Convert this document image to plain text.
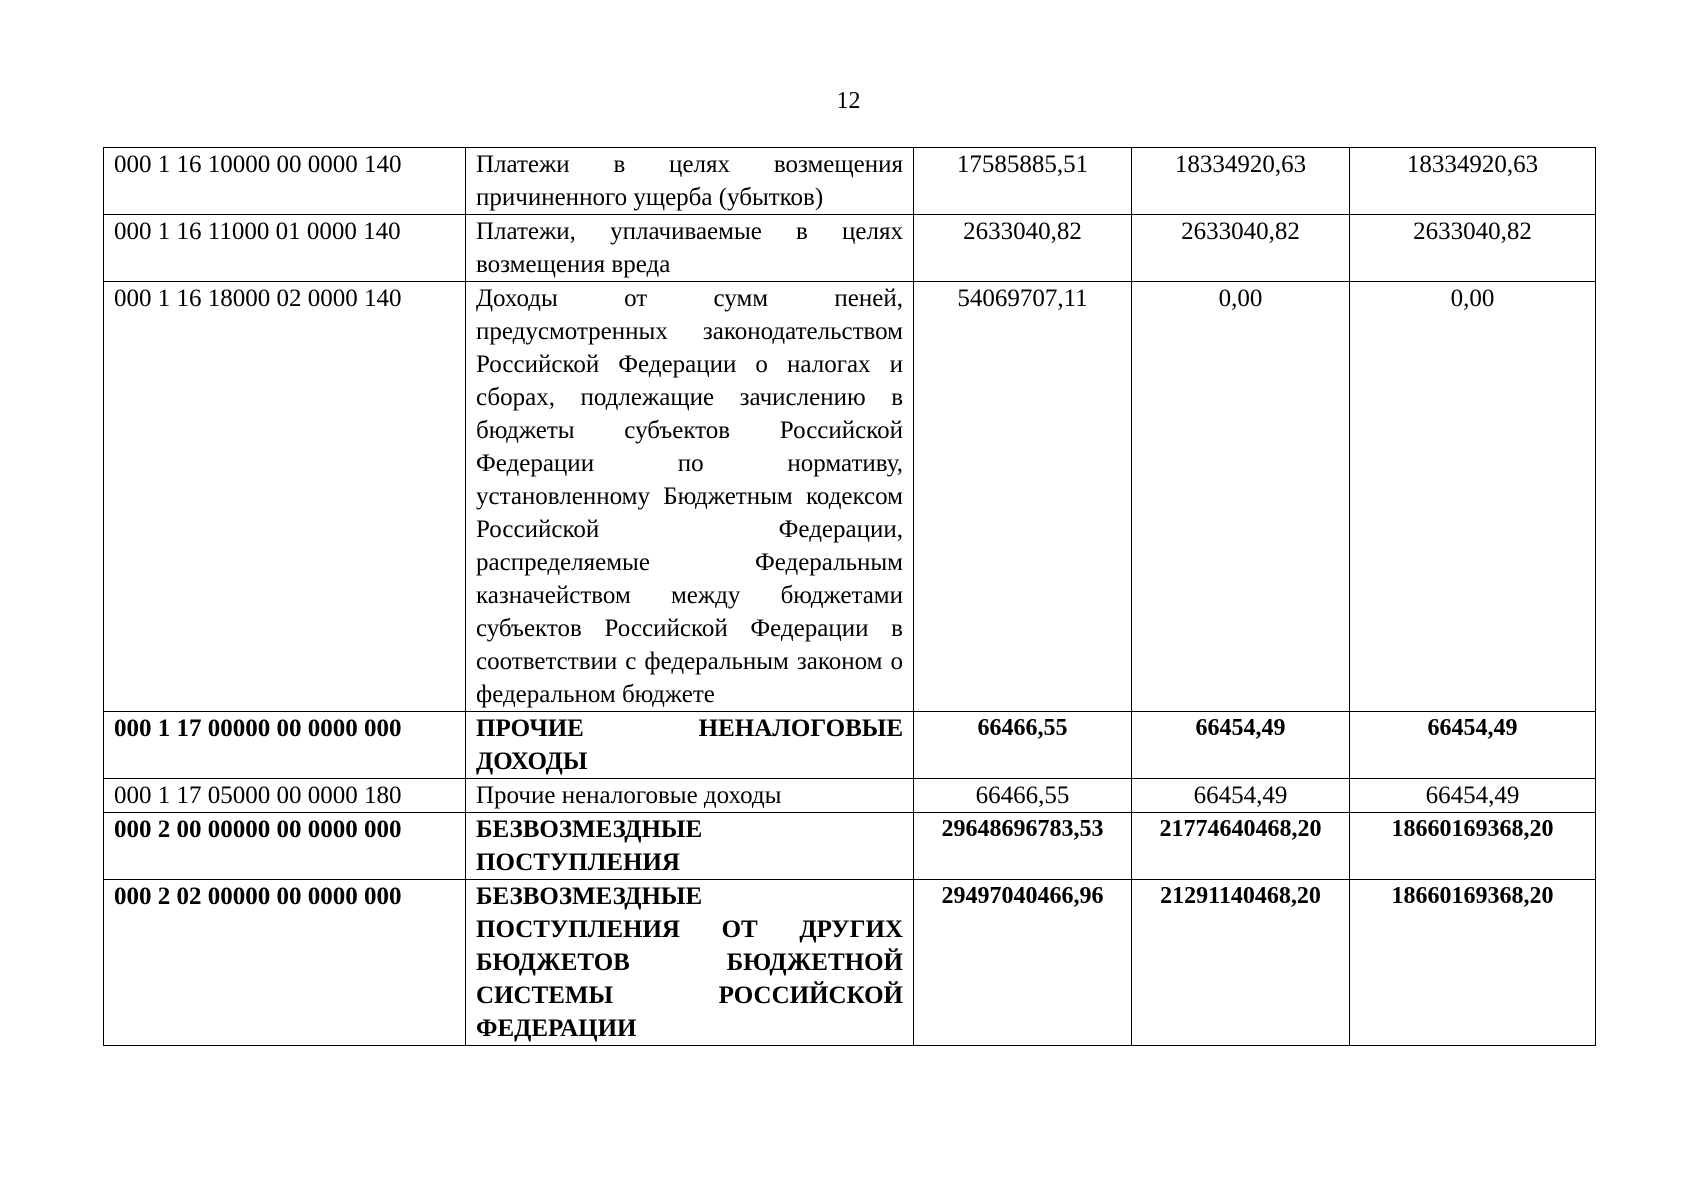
12
000 1 16 10000 00 0000 140	Платежи в целях возмещения причиненного ущерба (убытков)	17585885,51	18334920,63	18334920,63
000 1 16 11000 01 0000 140	Платежи, уплачиваемые в целях возмещения вреда	2633040,82	2633040,82	2633040,82
000 1 16 18000 02 0000 140	Доходы от сумм пеней, предусмотренных законодательством Российской Федерации о налогах и сборах, подлежащие зачислению в бюджеты субъектов Российской Федерации по нормативу, установленному Бюджетным кодексом Российской Федерации, распределяемые Федеральным казначейством между бюджетами субъектов Российской Федерации в соответствии с федеральным законом о федеральном бюджете	54069707,11	0,00	0,00
000 1 17 00000 00 0000 000	ПРОЧИЕ НЕНАЛОГОВЫЕ ДОХОДЫ	66466,55	66454,49	66454,49
000 1 17 05000 00 0000 180	Прочие неналоговые доходы	66466,55	66454,49	66454,49
000 2 00 00000 00 0000 000	БЕЗВОЗМЕЗДНЫЕ ПОСТУПЛЕНИЯ	29648696783,53	21774640468,20	18660169368,20
000 2 02 00000 00 0000 000	БЕЗВОЗМЕЗДНЫЕ ПОСТУПЛЕНИЯ ОТ ДРУГИХ БЮДЖЕТОВ БЮДЖЕТНОЙ СИСТЕМЫ РОССИЙСКОЙ ФЕДЕРАЦИИ	29497040466,96	21291140468,20	18660169368,20
